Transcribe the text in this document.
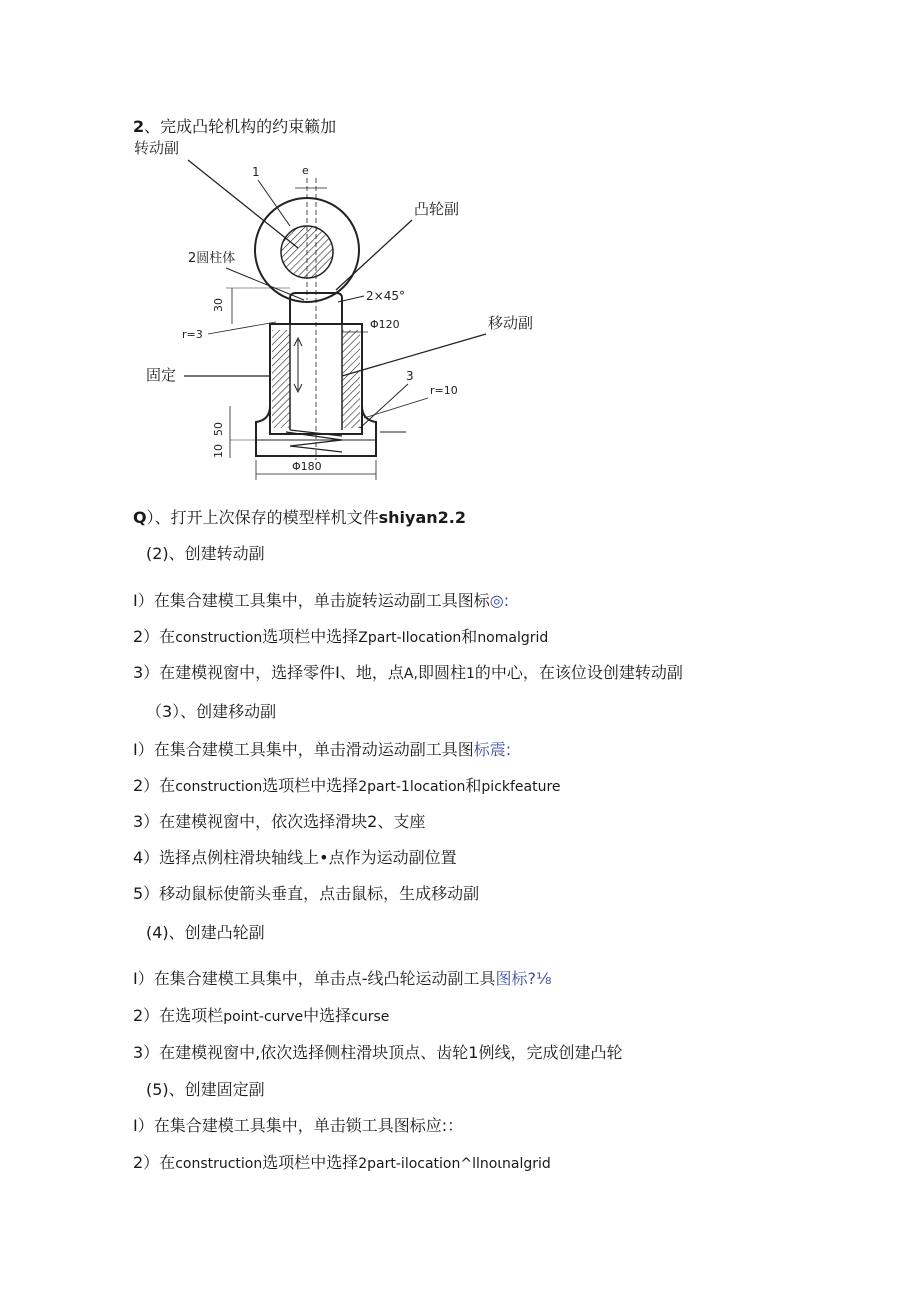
2、完成凸轮机构的约束籁加
转动副
1	e
凸轮副
2圆柱体
2×45°
30
r=3
Φ120	移动副
固定	3
r=10
50
10
Φ180
Q）、打开上次保存的模型样机文件shiyan2.2
(2)、创建转动副
I）在集合建模工具集中，单击旋转运动副工具图标◎:
2）在construction选项栏中选择Zpart-Ilocation和nomalgrid
3）在建模视窗中，选择零件I、地，点A,即圆柱1的中心，在该位设创建转动副
（3）、创建移动副
I）在集合建模工具集中，单击滑动运动副工具图标震:
2）在construction选项栏中选择2part-1location和pickfeature
3）在建模视窗中，依次选择滑块2、支座
4）选择点例柱滑块轴线上•点作为运动副位置
5）移动鼠标使箭头垂直，点击鼠标，生成移动副
(4)、创建凸轮副
I）在集合建模工具集中，单击点-线凸轮运动副工具图标?⅛
2）在选项栏point-curve中选择curse
3）在建模视窗中,依次选择侧柱滑块顶点、齿轮1例线，完成创建凸轮
(5)、创建固定副
I）在集合建模工具集中，单击锁工具图标应:：
2）在construction选项栏中选择2part-ilocation^llnoιnalgrid
